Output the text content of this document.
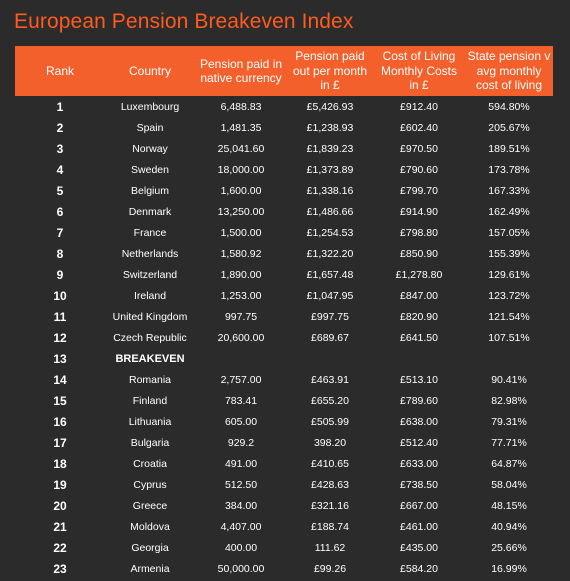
European Pension Breakeven Index
Rank	Country	Pension paid in native currency	Pension paid out per month in £	Cost of Living Monthly Costs in £	State pension v avg monthly cost of living
1	Luxembourg	6,488.83	£5,426.93	£912.40	594.80%
2	Spain	1,481.35	£1,238.93	£602.40	205.67%
3	Norway	25,041.60	£1,839.23	£970.50	189.51%
4	Sweden	18,000.00	£1,373.89	£790.60	173.78%
5	Belgium	1,600.00	£1,338.16	£799.70	167.33%
6	Denmark	13,250.00	£1,486.66	£914.90	162.49%
7	France	1,500.00	£1,254.53	£798.80	157.05%
8	Netherlands	1,580.92	£1,322.20	£850.90	155.39%
9	Switzerland	1,890.00	£1,657.48	£1,278.80	129.61%
10	Ireland	1,253.00	£1,047.95	£847.00	123.72%
11	United Kingdom	997.75	£997.75	£820.90	121.54%
12	Czech Republic	20,600.00	£689.67	£641.50	107.51%
13	BREAKEVEN				
14	Romania	2,757.00	£463.91	£513.10	90.41%
15	Finland	783.41	£655.20	£789.60	82.98%
16	Lithuania	605.00	£505.99	£638.00	79.31%
17	Bulgaria	929.2	398.20	£512.40	77.71%
18	Croatia	491.00	£410.65	£633.00	64.87%
19	Cyprus	512.50	£428.63	£738.50	58.04%
20	Greece	384.00	£321.16	£667.00	48.15%
21	Moldova	4,407.00	£188.74	£461.00	40.94%
22	Georgia	400.00	111.62	£435.00	25.66%
23	Armenia	50,000.00	£99.26	£584.20	16.99%
